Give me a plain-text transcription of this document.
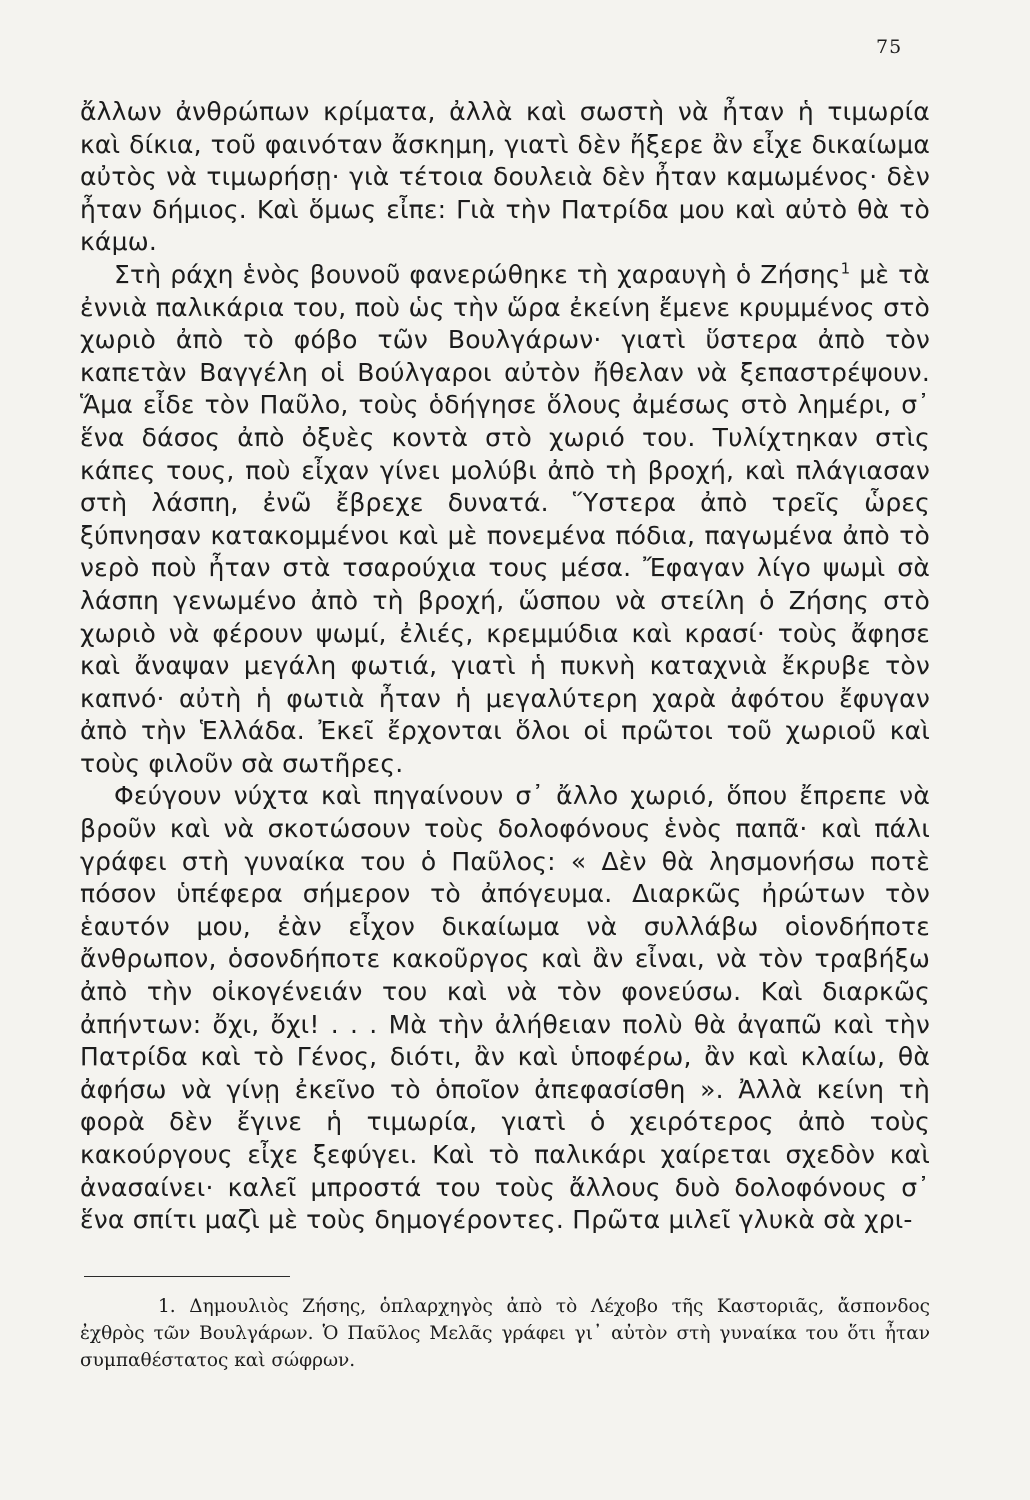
75

ἄλλων ἀνθρώπων κρίματα, ἀλλὰ καὶ σωστὴ νὰ ἦταν ἡ τιμωρία καὶ δίκια, τοῦ φαινόταν ἄσκημη, γιατὶ δὲν ἤξερε ἂν εἶχε δικαίωμα αὐτὸς νὰ τιμωρήσῃ· γιὰ τέτοια δουλειὰ δὲν ἦταν καμωμένος· δὲν ἦταν δήμιος. Καὶ ὅμως εἶπε: Γιὰ τὴν Πατρίδα μου καὶ αὐτὸ θὰ τὸ κάμω.

Στὴ ράχη ἑνὸς βουνοῦ φανερώθηκε τὴ χαραυγὴ ὁ Ζήσης$^1$ μὲ τὰ ἐννιὰ παλικάρια του, ποὺ ὡς τὴν ὥρα ἐκείνη ἔμενε κρυμμένος στὸ χωριὸ ἀπὸ τὸ φόβο τῶν Βουλγάρων· γιατὶ ὕστερα ἀπὸ τὸν καπετὰν Βαγγέλη οἱ Βούλγαροι αὐτὸν ἤθελαν νὰ ξεπαστρέψουν. Ἅμα εἶδε τὸν Παῦλο, τοὺς ὁδήγησε ὅλους ἀμέσως στὸ λημέρι, σ᾽ ἕνα δάσος ἀπὸ ὀξυὲς κοντὰ στὸ χωριό του. Τυλίχτηκαν στὶς κάπες τους, ποὺ εἶχαν γίνει μολύβι ἀπὸ τὴ βροχή, καὶ πλάγιασαν στὴ λάσπη, ἐνῶ ἔβρεχε δυνατά. Ὕστερα ἀπὸ τρεῖς ὧρες ξύπνησαν κατακομμένοι καὶ μὲ πονεμένα πόδια, παγωμένα ἀπὸ τὸ νερὸ ποὺ ἦταν στὰ τσαρούχια τους μέσα. Ἔφαγαν λίγο ψωμὶ σὰ λάσπη γενωμένο ἀπὸ τὴ βροχή, ὥσπου νὰ στείλη ὁ Ζήσης στὸ χωριὸ νὰ φέρουν ψωμί, ἐλιές, κρεμμύδια καὶ κρασί· τοὺς ἄφησε καὶ ἄναψαν μεγάλη φωτιά, γιατὶ ἡ πυκνὴ καταχνιὰ ἔκρυβε τὸν καπνό· αὐτὴ ἡ φωτιὰ ἦταν ἡ μεγαλύτερη χαρὰ ἀφότου ἔφυγαν ἀπὸ τὴν Ἑλλάδα. Ἐκεῖ ἔρχονται ὅλοι οἱ πρῶτοι τοῦ χωριοῦ καὶ τοὺς φιλοῦν σὰ σωτῆρες.

Φεύγουν νύχτα καὶ πηγαίνουν σ᾽ ἄλλο χωριό, ὅπου ἔπρεπε νὰ βροῦν καὶ νὰ σκοτώσουν τοὺς δολοφόνους ἑνὸς παπᾶ· καὶ πάλι γράφει στὴ γυναίκα του ὁ Παῦλος: « Δὲν θὰ λησμονήσω ποτὲ πόσον ὑπέφερα σήμερον τὸ ἀπόγευμα. Διαρκῶς ἠρώτων τὸν ἑαυτόν μου, ἐὰν εἶχον δικαίωμα νὰ συλλάβω οἱονδήποτε ἄνθρωπον, ὁσονδήποτε κακοῦργος καὶ ἂν εἶναι, νὰ τὸν τραβήξω ἀπὸ τὴν οἰκογένειάν του καὶ νὰ τὸν φονεύσω. Καὶ διαρκῶς ἀπήντων: ὄχι, ὄχι! . . . Μὰ τὴν ἀλήθειαν πολὺ θὰ ἀγαπῶ καὶ τὴν Πατρίδα καὶ τὸ Γένος, διότι, ἂν καὶ ὑποφέρω, ἂν καὶ κλαίω, θὰ ἀφήσω νὰ γίνῃ ἐκεῖνο τὸ ὁποῖον ἀπεφασίσθη ». Ἀλλὰ κείνη τὴ φορὰ δὲν ἔγινε ἡ τιμωρία, γιατὶ ὁ χειρότερος ἀπὸ τοὺς κακούργους εἶχε ξεφύγει. Καὶ τὸ παλικάρι χαίρεται σχεδὸν καὶ ἀνασαίνει· καλεῖ μπροστά του τοὺς ἄλλους δυὸ δολοφόνους σ᾽ ἕνα σπίτι μαζὶ μὲ τοὺς δημογέροντες. Πρῶτα μιλεῖ γλυκὰ σὰ χρι-

1. Δημουλιὸς Ζήσης, ὁπλαρχηγὸς ἀπὸ τὸ Λέχοβο τῆς Καστοριᾶς, ἄσπονδος ἐχθρὸς τῶν Βουλγάρων. Ὁ Παῦλος Μελᾶς γράφει γι᾽ αὐτὸν στὴ γυναίκα του ὅτι ἦταν συμπαθέστατος καὶ σώφρων.
